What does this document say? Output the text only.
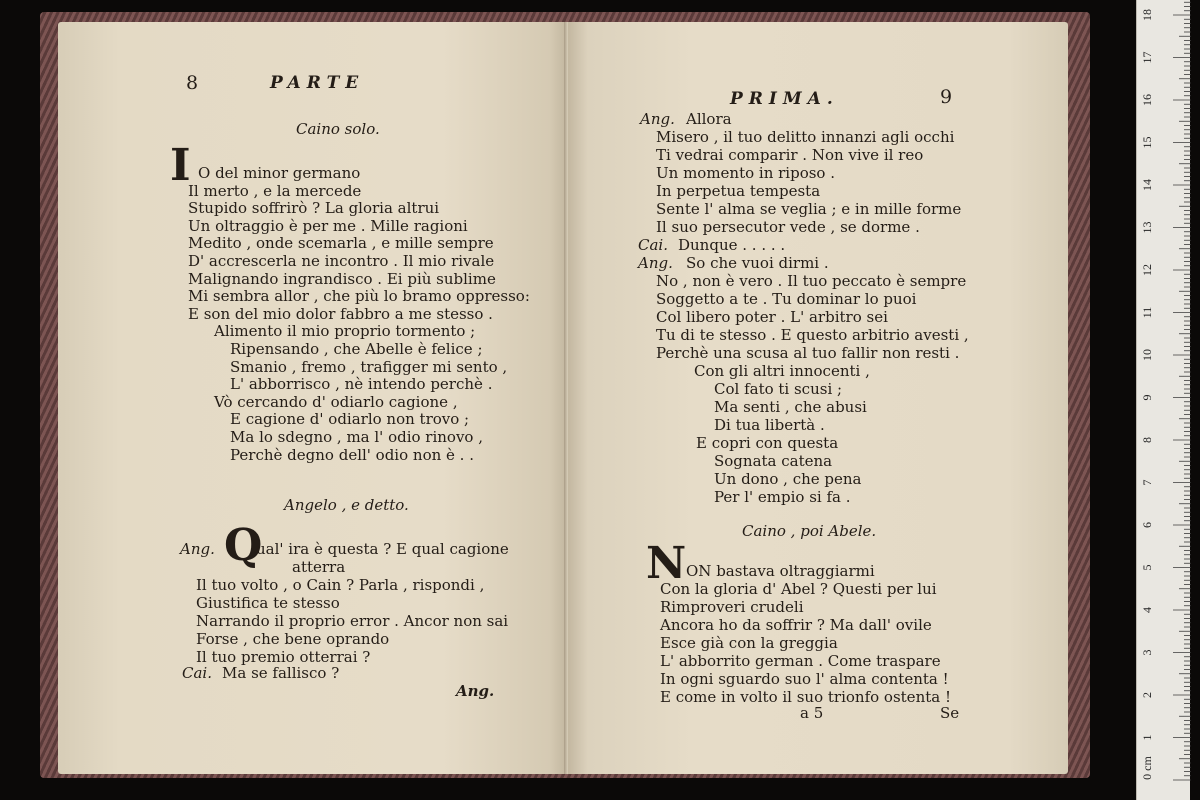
8	PARTE
Caino solo.
I O del minor germano
Il merto , e la mercede
Stupido soffrirò ? La gloria altrui
Un oltraggio è per me . Mille ragioni
Medito , onde scemarla , e mille sempre
D' accrescerla ne incontro . Il mio rivale
Malignando ingrandisco . Ei più sublime
Mi sembra allor , che più lo bramo oppresso:
E son del mio dolor fabbro a me stesso .
Alimento il mio proprio tormento ;
Ripensando , che Abelle è felice ;
Smanio , fremo , trafigger mi sento ,
L' abborrisco , nè intendo perchè .
Vò cercando d' odiarlo cagione ,
E cagione d' odiarlo non trovo ;
Ma lo sdegno , ma l' odio rinovo ,
Perchè degno dell' odio non è . .
Angelo , e detto.
Ang. Q
ual' ira è questa ? E qual cagione
atterra
Il tuo volto , o Cain ? Parla , rispondi ,
Giustifica te stesso
Narrando il proprio error . Ancor non sai
Forse , che bene oprando
Il tuo premio otterrai ?
Cai. Ma se fallisco ?
Ang.
PRIMA.	9
Ang. Allora
Misero , il tuo delitto innanzi agli occhi
Ti vedrai comparir . Non vive il reo
Un momento in riposo .
In perpetua tempesta
Sente l' alma se veglia ; e in mille forme
Il suo persecutor vede , se dorme .
Cai. Dunque . . . . .
Ang. So che vuoi dirmi .
No , non è vero . Il tuo peccato è sempre
Soggetto a te . Tu dominar lo puoi
Col libero poter . L' arbitro sei
Tu di te stesso . E questo arbitrio avesti ,
Perchè una scusa al tuo fallir non resti .
Con gli altri innocenti ,
Col fato ti scusi ;
Ma senti , che abusi
Di tua libertà .
E copri con questa
Sognata catena
Un dono , che pena
Per l' empio si fa .
Caino , poi Abele.
N ON bastava oltraggiarmi
Con la gloria d' Abel ? Questi per lui
Rimproveri crudeli
Ancora ho da soffrir ? Ma dall' ovile
Esce già con la greggia
L' abborrito german . Come traspare
In ogni sguardo suo l' alma contenta !
E come in volto il suo trionfo ostenta !
a 5	Se
0 cm
1
2
3
4
5
6
7
8
9
10
11
12
13
14
15
16
17
18
